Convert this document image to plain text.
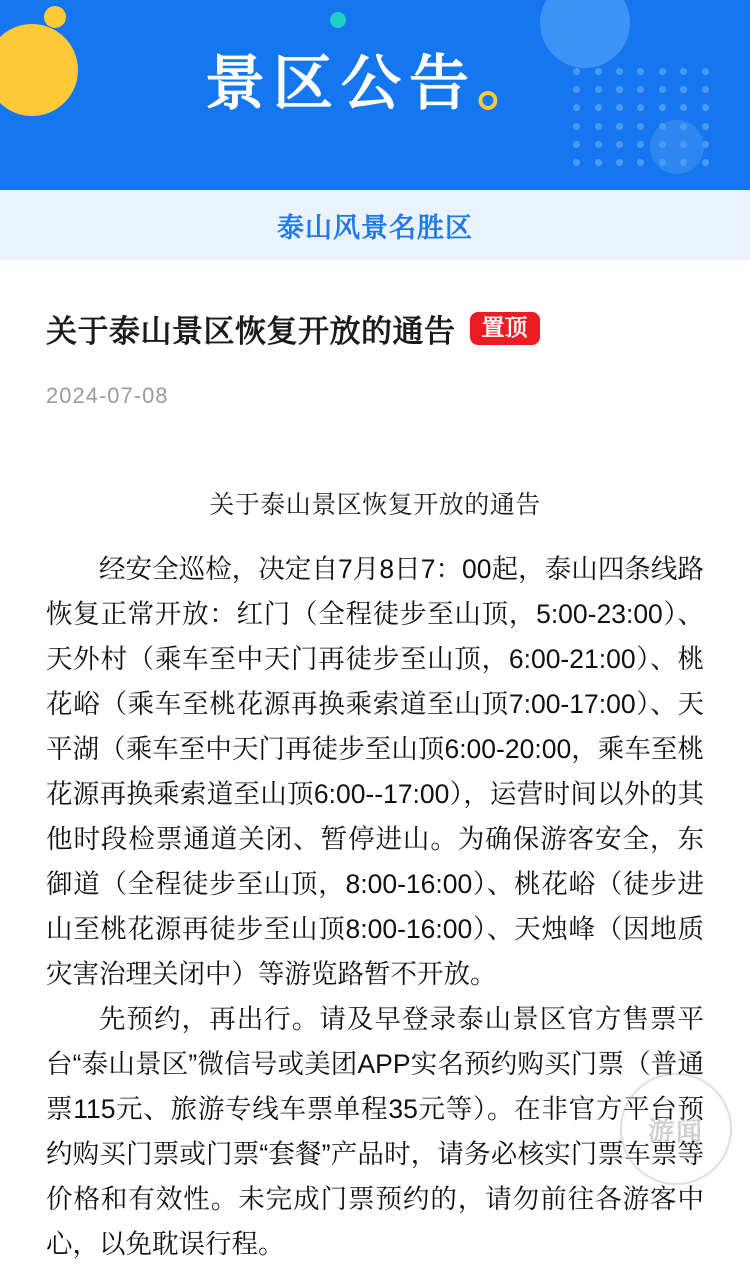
景区公告。
泰山风景名胜区
关于泰山景区恢复开放的通告	置顶
2024-07-08
关于泰山景区恢复开放的通告

经安全巡检，决定自7月8日7：00起，泰山四条线路恢复正常开放：红门（全程徒步至山顶，5:00-23:00）、天外村（乘车至中天门再徒步至山顶，6:00-21:00）、桃花峪（乘车至桃花源再换乘索道至山顶7:00-17:00）、天平湖（乘车至中天门再徒步至山顶6:00-20:00，乘车至桃花源再换乘索道至山顶6:00--17:00），运营时间以外的其他时段检票通道关闭、暂停进山。为确保游客安全，东御道（全程徒步至山顶，8:00-16:00）、桃花峪（徒步进山至桃花源再徒步至山顶8:00-16:00）、天烛峰（因地质灾害治理关闭中）等游览路暂不开放。

先预约，再出行。请及早登录泰山景区官方售票平台“泰山景区”微信号或美团APP实名预约购买门票（普通票115元、旅游专线车票单程35元等）。在非官方平台预约购买门票或门票“套餐”产品时，请务必核实门票车票等价格和有效性。未完成门票预约的，请勿前往各游客中心，以免耽误行程。

游闻
